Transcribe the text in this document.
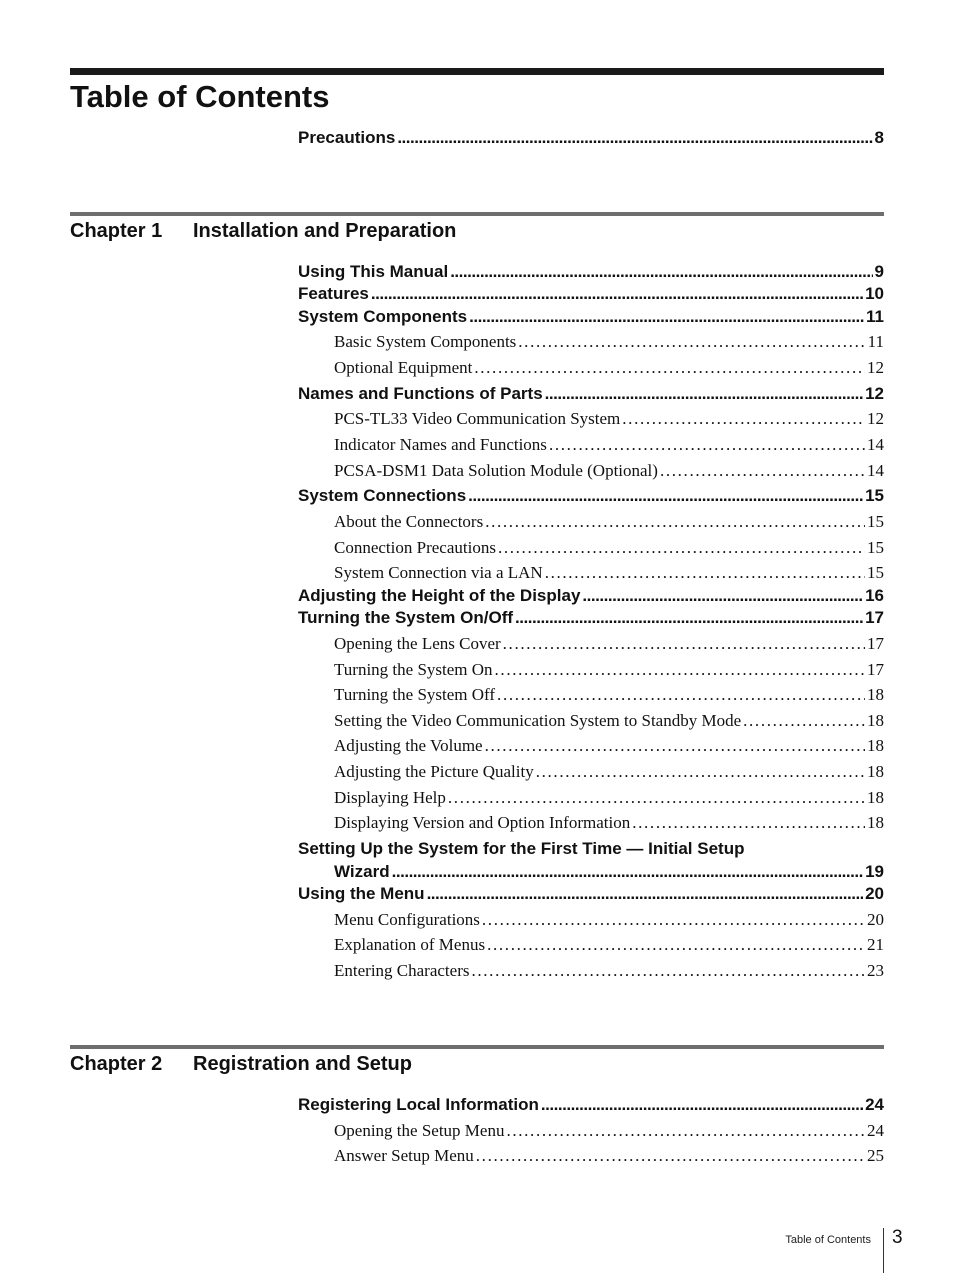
Table of Contents
Precautions . . .	8
Chapter 1 Installation and Preparation
Using This Manual . . .	9
Features . . .	10
System Components . . .	11
Basic System Components . . .	11
Optional Equipment . . .	12
Names and Functions of Parts . . .	12
PCS-TL33 Video Communication System . . .	12
Indicator Names and Functions . . .	14
PCSA-DSM1 Data Solution Module (Optional) . . .	14
System Connections . . .	15
About the Connectors . . .	15
Connection Precautions . . .	15
System Connection via a LAN . . .	15
Adjusting the Height of the Display . . .	16
Turning the System On/Off . . .	17
Opening the Lens Cover . . .	17
Turning the System On . . .	17
Turning the System Off . . .	18
Setting the Video Communication System to Standby Mode . . .	18
Adjusting the Volume . . .	18
Adjusting the Picture Quality . . .	18
Displaying Help . . .	18
Displaying Version and Option Information . . .	18
Setting Up the System for the First Time — Initial Setup
Wizard . . .	19
Using the Menu . . .	20
Menu Configurations . . .	20
Explanation of Menus . . .	21
Entering Characters . . .	23
Chapter 2 Registration and Setup
Registering Local Information . . .	24
Opening the Setup Menu . . .	24
Answer Setup Menu . . .	25
Table of Contents 3
